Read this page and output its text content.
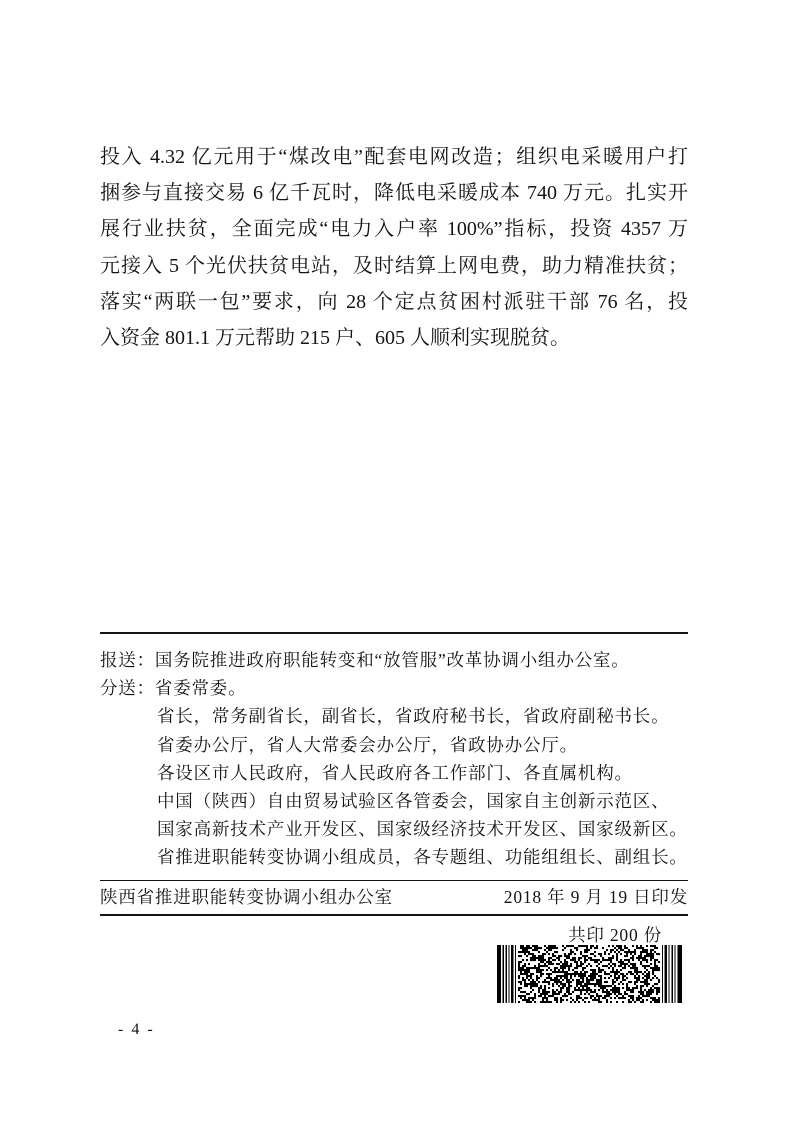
投入 4.32 亿元用于“煤改电”配套电网改造；组织电采暖用户打
捆参与直接交易 6 亿千瓦时，降低电采暖成本 740 万元。扎实开
展行业扶贫，全面完成“电力入户率 100%”指标，投资 4357 万
元接入 5 个光伏扶贫电站，及时结算上网电费，助力精准扶贫；
落实“两联一包”要求，向 28 个定点贫困村派驻干部 76 名，投
入资金 801.1 万元帮助 215 户、605 人顺利实现脱贫。
报送：国务院推进政府职能转变和“放管服”改革协调小组办公室。
分送：省委常委。
省长，常务副省长，副省长，省政府秘书长，省政府副秘书长。
省委办公厅，省人大常委会办公厅，省政协办公厅。
各设区市人民政府，省人民政府各工作部门、各直属机构。
中国（陕西）自由贸易试验区各管委会，国家自主创新示范区、
国家高新技术产业开发区、国家级经济技术开发区、国家级新区。
省推进职能转变协调小组成员，各专题组、功能组组长、副组长。
陕西省推进职能转变协调小组办公室	2018 年 9 月 19 日印发
共印 200 份
- 4 -
